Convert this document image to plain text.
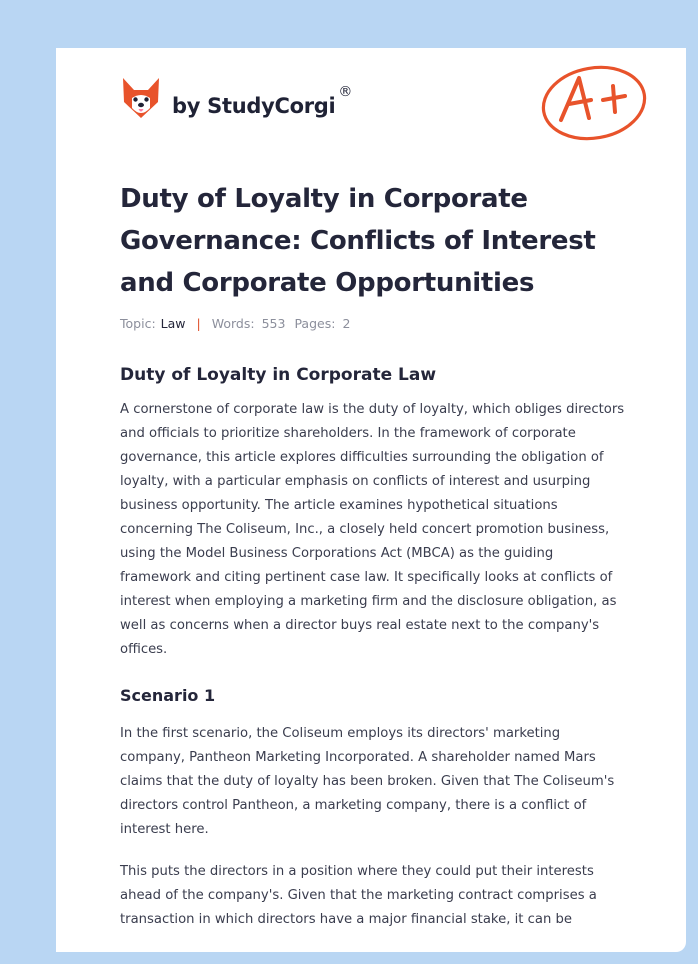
by StudyCorgi®
Duty of Loyalty in Corporate Governance: Conflicts of Interest and Corporate Opportunities
Topic: Law | Words: 553 Pages: 2
Duty of Loyalty in Corporate Law

A cornerstone of corporate law is the duty of loyalty, which obliges directors and officials to prioritize shareholders. In the framework of corporate governance, this article explores difficulties surrounding the obligation of loyalty, with a particular emphasis on conflicts of interest and usurping business opportunity. The article examines hypothetical situations concerning The Coliseum, Inc., a closely held concert promotion business, using the Model Business Corporations Act (MBCA) as the guiding framework and citing pertinent case law. It specifically looks at conflicts of interest when employing a marketing firm and the disclosure obligation, as well as concerns when a director buys real estate next to the company's offices.

Scenario 1

In the first scenario, the Coliseum employs its directors' marketing company, Pantheon Marketing Incorporated. A shareholder named Mars claims that the duty of loyalty has been broken. Given that The Coliseum's directors control Pantheon, a marketing company, there is a conflict of interest here.

This puts the directors in a position where they could put their interests ahead of the company's. Given that the marketing contract comprises a transaction in which directors have a major financial stake, it can be
